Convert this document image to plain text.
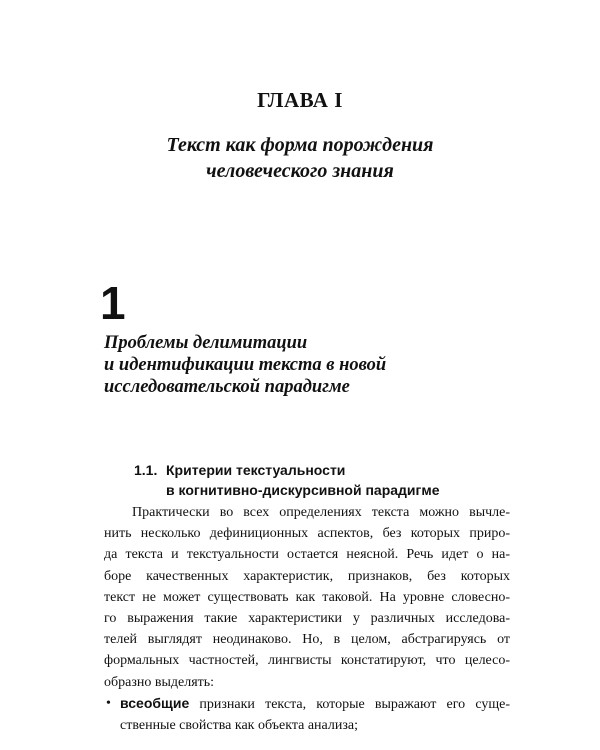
ГЛАВА I
Текст как форма порождения
человеческого знания
1
Проблемы делимитации
и идентификации текста в новой
исследовательской парадигме
1.1. Критерии текстуальности
в когнитивно-дискурсивной парадигме
Практически во всех определениях текста можно вычле-
нить несколько дефиниционных аспектов, без которых приро-
да текста и текстуальности остается неясной. Речь идет о на-
боре качественных характеристик, признаков, без которых
текст не может существовать как таковой. На уровне словесно-
го выражения такие характеристики у различных исследова-
телей выглядят неодинаково. Но, в целом, абстрагируясь от
формальных частностей, лингвисты констатируют, что целесо-
образно выделять:
• всеобщие признаки текста, которые выражают его суще-
ственные свойства как объекта анализа;
